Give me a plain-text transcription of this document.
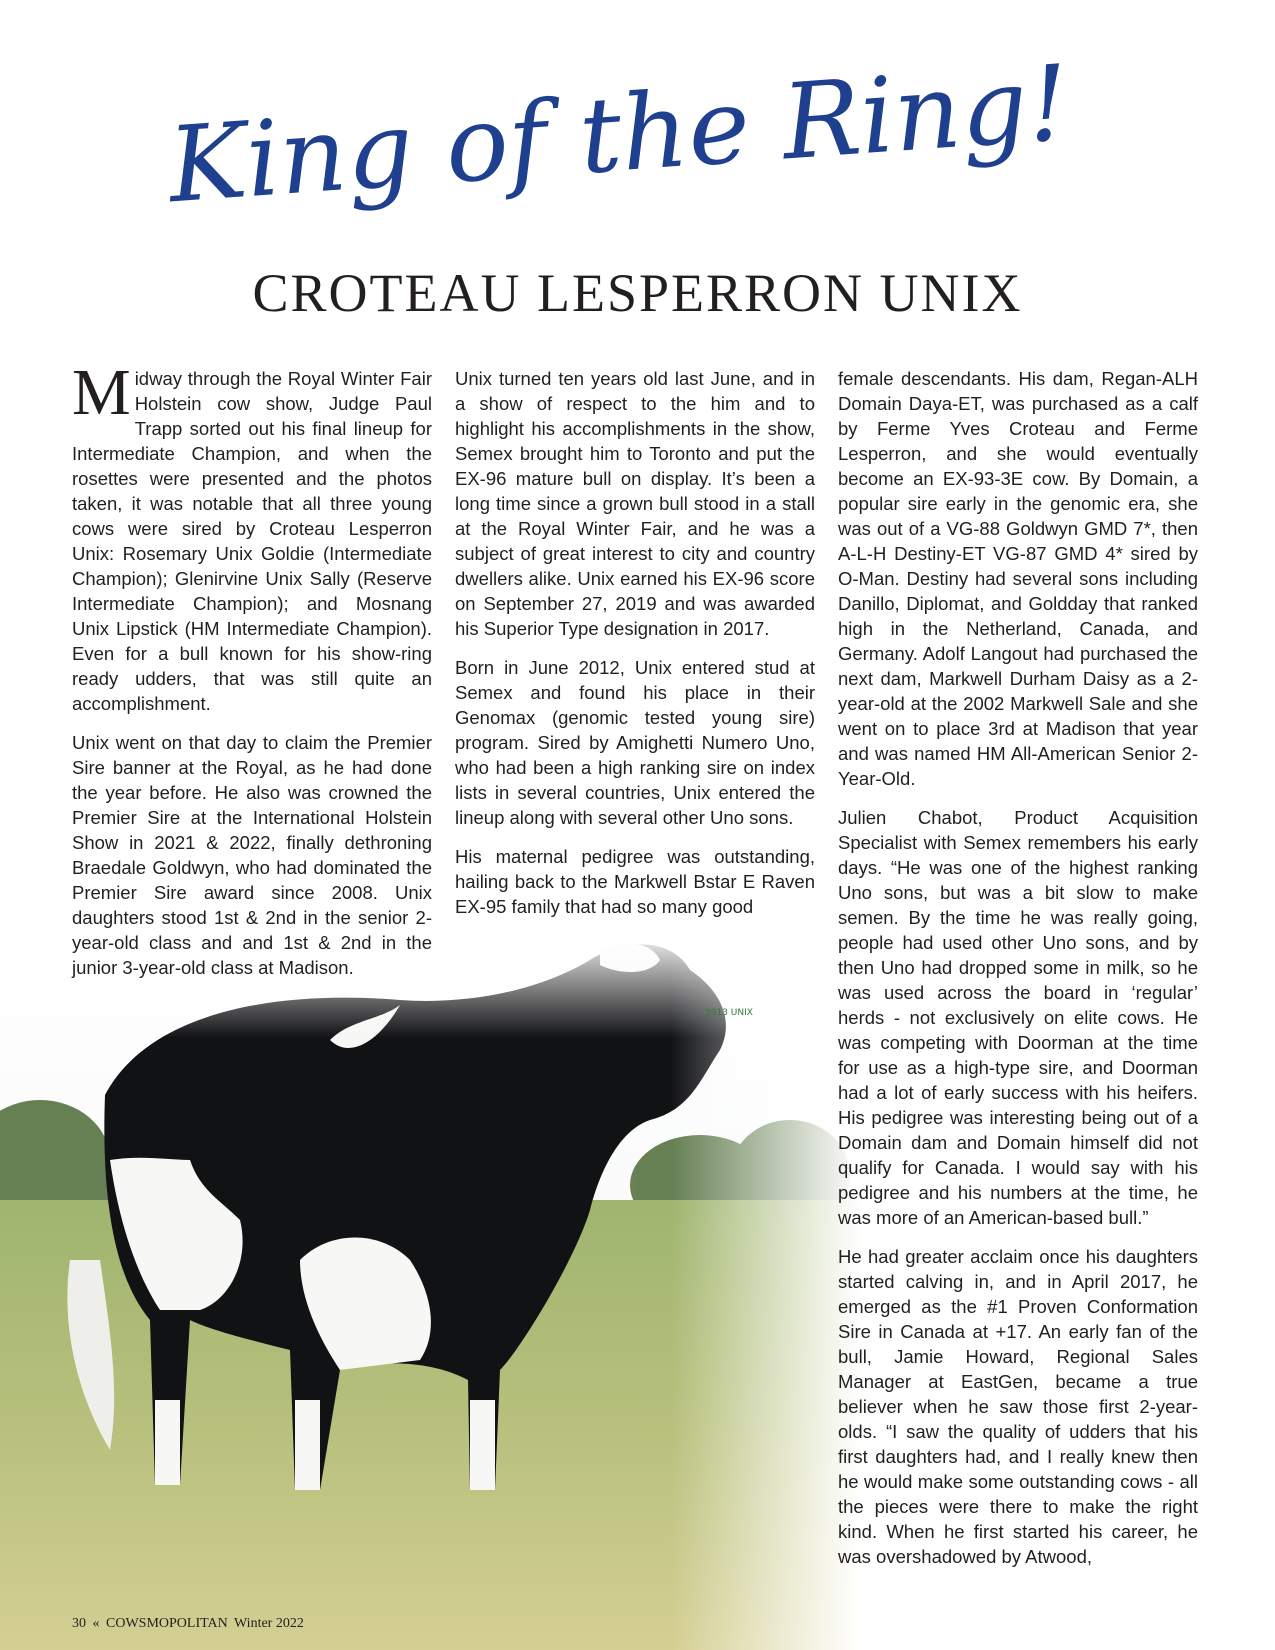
King of the Ring!
CROTEAU LESPERRON UNIX
3913 UNIX

Midway through the Royal Winter Fair Holstein cow show, Judge Paul Trapp sorted out his final lineup for Intermediate Champion, and when the rosettes were presented and the photos taken, it was notable that all three young cows were sired by Croteau Lesperron Unix: Rosemary Unix Goldie (Intermediate Champion); Glenirvine Unix Sally (Reserve Intermediate Champion); and Mosnang Unix Lipstick (HM Intermediate Champion). Even for a bull known for his show-ring ready udders, that was still quite an accomplishment.

Unix went on that day to claim the Premier Sire banner at the Royal, as he had done the year before. He also was crowned the Premier Sire at the International Holstein Show in 2021 & 2022, finally dethroning Braedale Goldwyn, who had dominated the Premier Sire award since 2008. Unix daughters stood 1st & 2nd in the senior 2-year-old class and and 1st & 2nd in the junior 3-year-old class at Madison.

Unix turned ten years old last June, and in a show of respect to the him and to highlight his accomplishments in the show, Semex brought him to Toronto and put the EX-96 mature bull on display. It’s been a long time since a grown bull stood in a stall at the Royal Winter Fair, and he was a subject of great interest to city and country dwellers alike. Unix earned his EX-96 score on September 27, 2019 and was awarded his Superior Type designation in 2017.

Born in June 2012, Unix entered stud at Semex and found his place in their Genomax (genomic tested young sire) program. Sired by Amighetti Numero Uno, who had been a high ranking sire on index lists in several countries, Unix entered the lineup along with several other Uno sons.

His maternal pedigree was outstanding, hailing back to the Markwell Bstar E Raven EX-95 family that had so many good

female descendants. His dam, Regan-ALH Domain Daya-ET, was purchased as a calf by Ferme Yves Croteau and Ferme Lesperron, and she would eventually become an EX-93-3E cow. By Domain, a popular sire early in the genomic era, she was out of a VG-88 Goldwyn GMD 7*, then A-L-H Destiny-ET VG-87 GMD 4* sired by O-Man. Destiny had several sons including Danillo, Diplomat, and Goldday that ranked high in the Netherland, Canada, and Germany. Adolf Langout had purchased the next dam, Markwell Durham Daisy as a 2-year-old at the 2002 Markwell Sale and she went on to place 3rd at Madison that year and was named HM All-American Senior 2-Year-Old.

Julien Chabot, Product Acquisition Specialist with Semex remembers his early days. “He was one of the highest ranking Uno sons, but was a bit slow to make semen. By the time he was really going, people had used other Uno sons, and by then Uno had dropped some in milk, so he was used across the board in ‘regular’ herds - not exclusively on elite cows. He was competing with Doorman at the time for use as a high-type sire, and Doorman had a lot of early success with his heifers. His pedigree was interesting being out of a Domain dam and Domain himself did not qualify for Canada. I would say with his pedigree and his numbers at the time, he was more of an American-based bull.”

He had greater acclaim once his daughters started calving in, and in April 2017, he emerged as the #1 Proven Conformation Sire in Canada at +17. An early fan of the bull, Jamie Howard, Regional Sales Manager at EastGen, became a true believer when he saw those first 2-year-olds. “I saw the quality of udders that his first daughters had, and I really knew then he would make some outstanding cows - all the pieces were there to make the right kind. When he first started his career, he was overshadowed by Atwood,

30 « COWSMOPOLITAN Winter 2022
